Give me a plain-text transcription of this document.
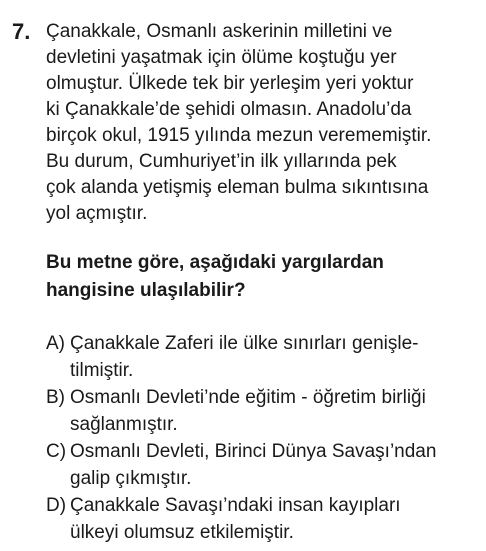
7. Çanakkale, Osmanlı askerinin milletini ve
devletini yaşatmak için ölüme koştuğu yer
olmuştur. Ülkede tek bir yerleşim yeri yoktur
ki Çanakkale’de şehidi olmasın. Anadolu’da
birçok okul, 1915 yılında mezun verememiştir.
Bu durum, Cumhuriyet’in ilk yıllarında pek
çok alanda yetişmiş eleman bulma sıkıntısına
yol açmıştır.

Bu metne göre, aşağıdaki yargılardan
hangisine ulaşılabilir?

A) Çanakkale Zaferi ile ülke sınırları genişle-
tilmiştir.
B) Osmanlı Devleti’nde eğitim - öğretim birliği
sağlanmıştır.
C) Osmanlı Devleti, Birinci Dünya Savaşı’ndan
galip çıkmıştır.
D) Çanakkale Savaşı’ndaki insan kayıpları
ülkeyi olumsuz etkilemiştir.
